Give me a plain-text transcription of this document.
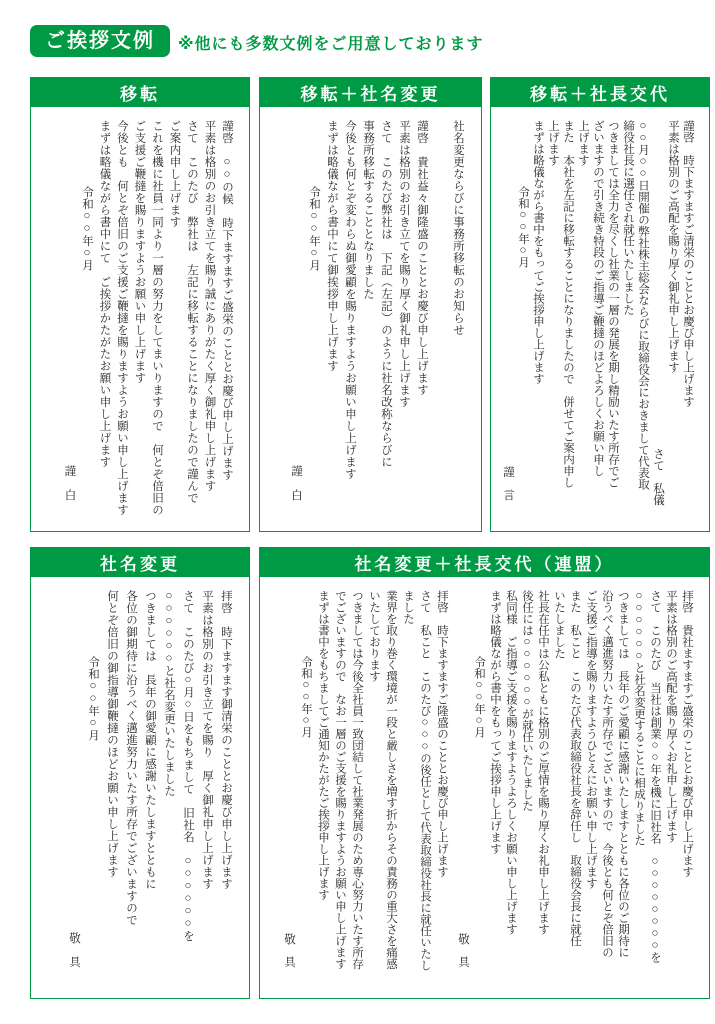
ご挨拶文例	※他にも多数文例をご用意しております
移転
謹啓　○○の候　時下ますますご盛栄のこととお慶び申し上げます
平素は格別のお引き立てを賜り誠にありがたく厚く御礼申し上げます
さて　このたび　弊社は　左記に移転することになりましたので謹んで
ご案内申し上げます
これを機に社員一同より一層の努力をしてまいりますので　何とぞ倍旧の
ご支援ご鞭撻を賜りますようお願い申し上げます
今後とも　何とぞ倍旧のご支援ご鞭撻を賜りますようお願い申し上げます
まずは略儀ながら書中にて　ご挨拶かたがたお願い申し上げます
令和○○年○月
謹　白
移転＋社名変更
社名変更ならびに事務所移転のお知らせ
謹啓　貴社益々御隆盛のこととお慶び申し上げます
平素は格別のお引き立てを賜り厚く御礼申し上げます
さて　このたび弊社は　下記（左記）のように社名改称ならびに
事務所移転することとなりました
今後とも何とぞ変わらぬ御愛顧を賜りますようお願い申し上げます
まずは略儀ながら書中にて御挨拶申し上げます
令和○○年○月
謹　白
移転＋社長交代
謹啓　時下ますますご清栄のこととお慶び申し上げます
平素は格別のご高配を賜り厚く御礼申し上げます
さて　私儀
○○月○○日開催の弊社株主総会ならびに取締役会におきまして代表取
締役社長に選任され就任いたしました
つきましては全力を尽くし社業の一層の発展を期し精励いたす所存でご
ざいますので引き続き特段のご指導ご鞭撻のほどよろしくお願い申し
上げます
また　本社を左記に移転することになりましたので　併せてご案内申し
上げます
まずは略儀ながら書中をもってご挨拶申し上げます
令和○○年○月
謹　言
社名変更
拝啓　時下ますます御清栄のこととお慶び申し上げます
平素は格別のお引き立てを賜り　厚く御礼申し上げます
さて　このたび○月○日をもちまして　旧社名　○○○○○○を
○○○○○○と社名変更いたしました
つきましては　長年の御愛顧に感謝いたしますとともに
各位の御期待に沿うべく邁進努力いたす所存でございますので
何とぞ倍旧の御指導御鞭撻のほどお願い申し上げます
令和○○年○月
敬　具
社名変更＋社長交代（連盟）
拝啓　貴社ますますご盛栄のこととお慶び申し上げます
平素は格別のご高配を賜り厚くお礼申し上げます
さて　このたび　当社は創業○○年を機に旧社名　○○○○○○○○を
○○○○○○と社名変更することに相成りました
つきましては　長年のご愛顧に感謝いたしますとともに各位のご期待に
沿うべく邁進努力いたす所存でございますので　今後とも何とぞ倍旧の
ご支援ご指導を賜りますようひとえにお願い申し上げます
また　私こと　このたび代表取締役社長を辞任し　取締役会長に就任
いたしました
社長在任中は公私ともに格別のご厚情を賜り厚くお礼申し上げます
後任には○○○○○○が就任いたしました
私同様　ご指導ご支援を賜りますようよろしくお願い申し上げます
まずは略儀ながら書中をもってご挨拶申し上げます
令和○○年○月
敬　具
拝啓　時下ますますご隆盛のこととお慶び申し上げます
さて　私こと　このたび○○○の後任として代表取締役社長に就任いたし
ました
業界を取り巻く環境が一段と厳しさを増す折からその責務の重大さを痛感
いたしております
つきましては今後全社員一致団結して社業発展のため専心努力いたす所存
でございますので　なお一層のご支援を賜りますようお願い申し上げます
まずは書中をもちましてご通知かたがたご挨拶申し上げます
令和○○年○月
敬　具
